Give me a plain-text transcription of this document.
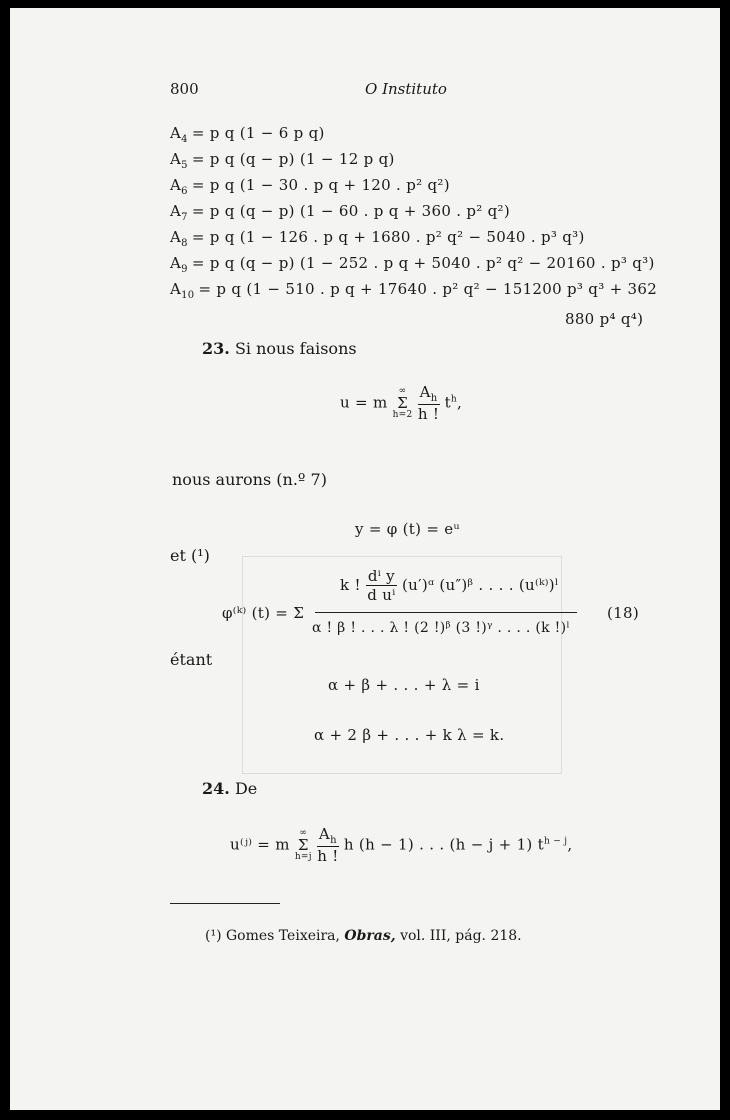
800	O Instituto
$A_4 = p$ q (1 − 6 p q)
$A_5 = p$ q (q − p) (1 − 12 p q)
$A_6 = p$ q (1 − 30 . p q + 120 . p² q²)
$A_7 = p$ q (q − p) (1 − 60 . p q + 360 . p² q²)
$A_8 = p$ q (1 − 126 . p q + 1680 . p² q² − 5040 . p³ q³)
$A_9 = p$ q (q − p) (1 − 252 . p q + 5040 . p² q² − 20160 . p³ q³)
$A_{10} = p$ q (1 − 510 . p q + 17640 . p² q² − 151200 p³ q³ + 362
880 p⁴ q⁴)
23. Si nous faisons
u = m
∞
Σ
h=2
$\frac{A_h}{h !} t^h$,
nous aurons (n.º 7)
y = φ (t) = eᵘ
et (¹)
φ⁽ᵏ⁾ (t) = Σ
k ! $\frac{\text{dⁱ y}}{\text{d uⁱ}}$ (u′)ᵅ (u″)ᵝ . . . . (u⁽ᵏ⁾)ˡ
α ! β ! . . . λ ! (2 !)ᵝ (3 !)ᵞ . . . . (k !)ˡ
(18)
étant
α + β + . . . + λ = i
α + 2 β + . . . + k λ = k.
24. De
u⁽ʲ⁾ = m
∞
Σ
h=j
$\frac{A_h}{h !}$ h (h − 1) . . . (h − j + 1) $t^{h - j}$,
(¹) Gomes Teixeira, Obras, vol. III, pág. 218.
